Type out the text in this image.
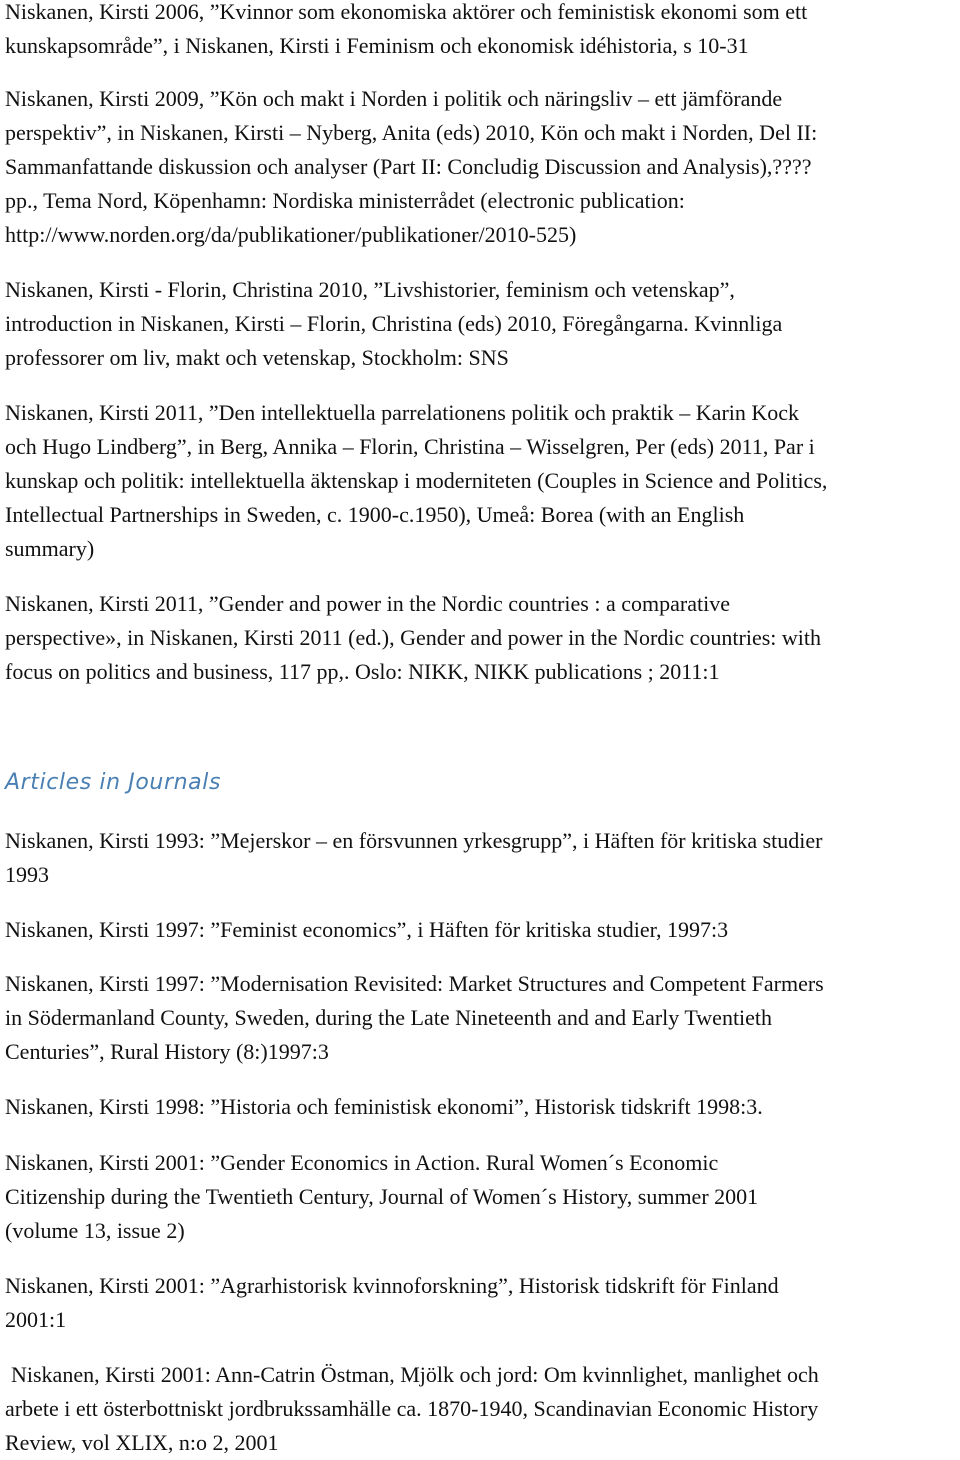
Niskanen, Kirsti 2006, ”Kvinnor som ekonomiska aktörer och feministisk ekonomi som ett
kunskapsområde”, i Niskanen, Kirsti i Feminism och ekonomisk idéhistoria, s 10-31

Niskanen, Kirsti 2009, ”Kön och makt i Norden i politik och näringsliv – ett jämförande
perspektiv”, in Niskanen, Kirsti – Nyberg, Anita (eds) 2010, Kön och makt i Norden, Del II:
Sammanfattande diskussion och analyser (Part II: Concludig Discussion and Analysis),????
pp., Tema Nord, Köpenhamn: Nordiska ministerrådet (electronic publication:
http://www.norden.org/da/publikationer/publikationer/2010-525)

Niskanen, Kirsti - Florin, Christina 2010, ”Livshistorier, feminism och vetenskap”,
introduction in Niskanen, Kirsti – Florin, Christina (eds) 2010, Föregångarna. Kvinnliga
professorer om liv, makt och vetenskap, Stockholm: SNS

Niskanen, Kirsti 2011, ”Den intellektuella parrelationens politik och praktik – Karin Kock
och Hugo Lindberg”, in Berg, Annika – Florin, Christina – Wisselgren, Per (eds) 2011, Par i
kunskap och politik: intellektuella äktenskap i moderniteten (Couples in Science and Politics,
Intellectual Partnerships in Sweden, c. 1900-c.1950), Umeå: Borea (with an English
summary)

Niskanen, Kirsti 2011, ”Gender and power in the Nordic countries : a comparative
perspective», in Niskanen, Kirsti 2011 (ed.), Gender and power in the Nordic countries: with
focus on politics and business, 117 pp,. Oslo: NIKK, NIKK publications ; 2011:1

Articles in Journals

Niskanen, Kirsti 1993: ”Mejerskor – en försvunnen yrkesgrupp”, i Häften för kritiska studier
1993

Niskanen, Kirsti 1997: ”Feminist economics”, i Häften för kritiska studier, 1997:3

Niskanen, Kirsti 1997: ”Modernisation Revisited: Market Structures and Competent Farmers
in Södermanland County, Sweden, during the Late Nineteenth and and Early Twentieth
Centuries”, Rural History (8:)1997:3

Niskanen, Kirsti 1998: ”Historia och feministisk ekonomi”, Historisk tidskrift 1998:3.

Niskanen, Kirsti 2001: ”Gender Economics in Action. Rural Women´s Economic
Citizenship during the Twentieth Century, Journal of Women´s History, summer 2001
(volume 13, issue 2)

Niskanen, Kirsti 2001: ”Agrarhistorisk kvinnoforskning”, Historisk tidskrift för Finland
2001:1

Niskanen, Kirsti 2001: Ann-Catrin Östman, Mjölk och jord: Om kvinnlighet, manlighet och
arbete i ett österbottniskt jordbrukssamhälle ca. 1870-1940, Scandinavian Economic History
Review, vol XLIX, n:o 2, 2001
